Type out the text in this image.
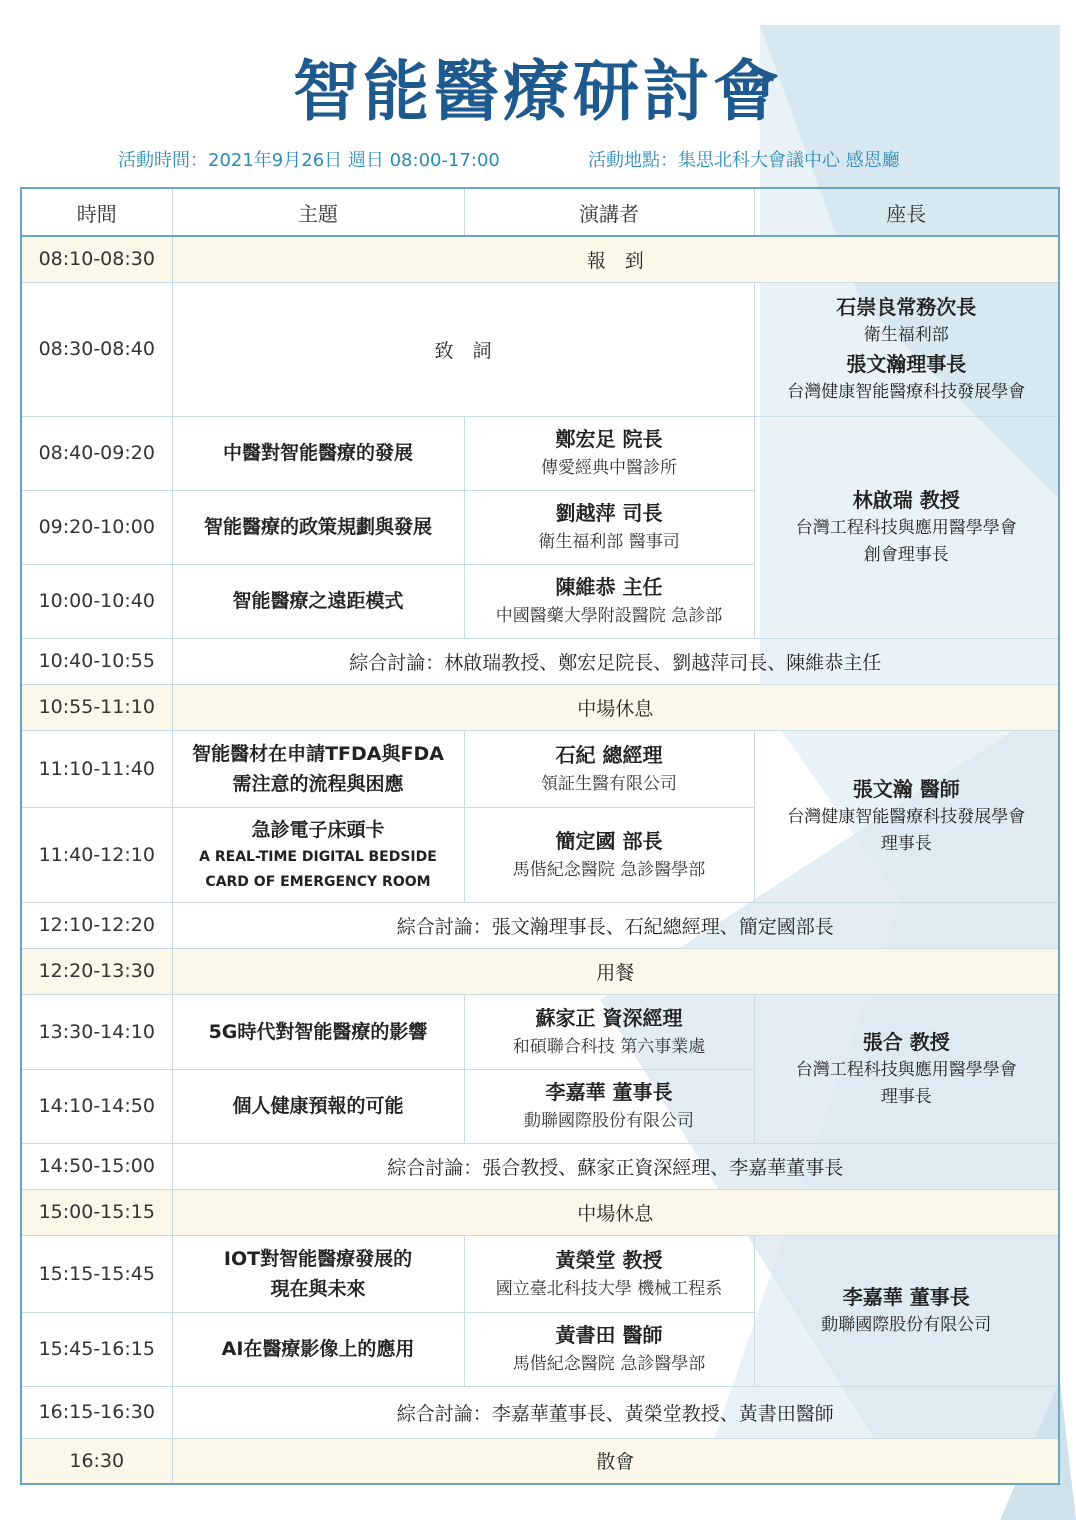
智能醫療研討會
活動時間：2021年9月26日 週日 08:00-17:00	活動地點：集思北科大會議中心 感恩廳
時間	主題	演講者	座長
08:10-08:30	報　到		
08:30-08:40	致　詞		石崇良常務次長
衛生福利部
張文瀚理事長
台灣健康智能醫療科技發展學會

08:40-09:20	中醫對智能醫療的發展	鄭宏足 院長
傳愛經典中醫診所	林啟瑞 教授
台灣工程科技與應用醫學學會
創會理事長

09:20-10:00	智能醫療的政策規劃與發展	劉越萍 司長
衛生福利部 醫事司	

10:00-10:40	智能醫療之遠距模式	陳維恭 主任
中國醫藥大學附設醫院 急診部	

10:40-10:55	綜合討論：林啟瑞教授、鄭宏足院長、劉越萍司長、陳維恭主任		
10:55-11:10	中場休息		
11:10-11:40	智能醫材在申請TFDA與FDA
需注意的流程與困應	石紀 總經理
領証生醫有限公司	張文瀚 醫師
台灣健康智能醫療科技發展學會
理事長

11:40-12:10	急診電子床頭卡
A REAL-TIME DIGITAL BEDSIDE
CARD OF EMERGENCY ROOM	簡定國 部長
馬偕紀念醫院 急診醫學部	

12:10-12:20	綜合討論：張文瀚理事長、石紀總經理、簡定國部長		
12:20-13:30	用餐		
13:30-14:10	5G時代對智能醫療的影響	蘇家正 資深經理
和碩聯合科技 第六事業處	張合 教授
台灣工程科技與應用醫學學會
理事長

14:10-14:50	個人健康預報的可能	李嘉華 董事長
動聯國際股份有限公司	

14:50-15:00	綜合討論：張合教授、蘇家正資深經理、李嘉華董事長		
15:00-15:15	中場休息		
15:15-15:45	IOT對智能醫療發展的
現在與未來	黃榮堂 教授
國立臺北科技大學 機械工程系	李嘉華 董事長
動聯國際股份有限公司

15:45-16:15	AI在醫療影像上的應用	黃書田 醫師
馬偕紀念醫院 急診醫學部	

16:15-16:30	綜合討論：李嘉華董事長、黃榮堂教授、黃書田醫師		
16:30	散會		
